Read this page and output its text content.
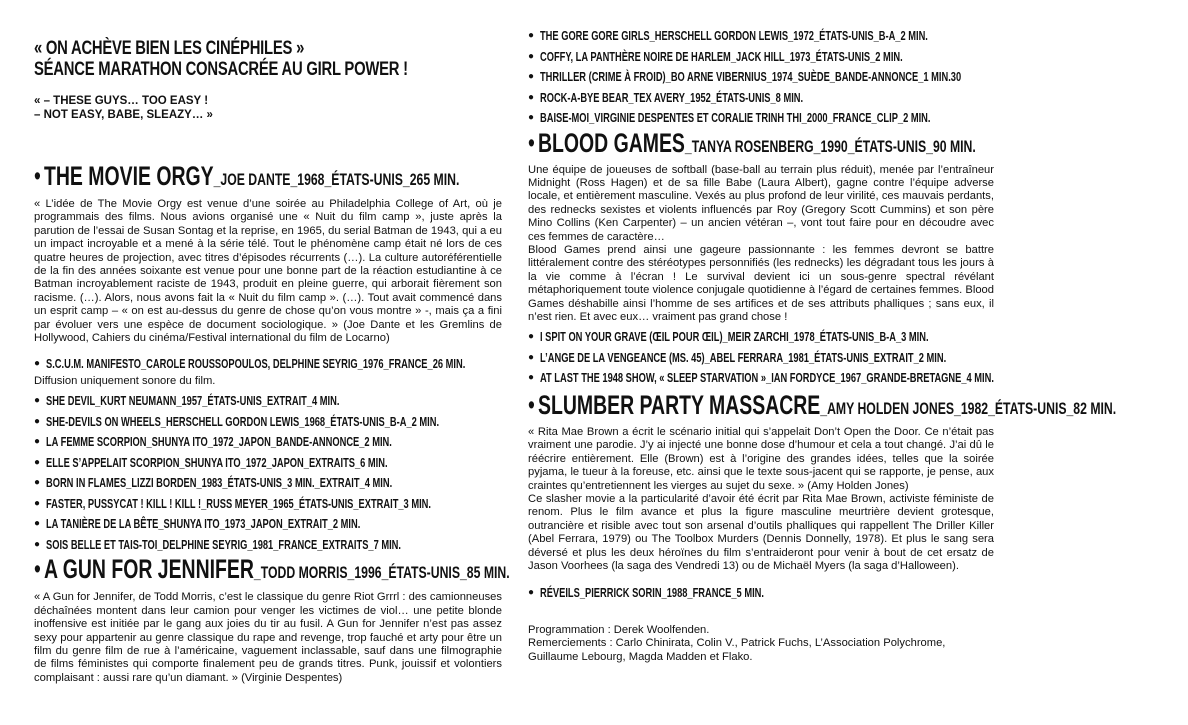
« ON ACHÈVE BIEN LES CINÉPHILES »
SÉANCE MARATHON CONSACRÉE AU GIRL POWER !
« – THESE GUYS… TOO EASY !
– NOT EASY, BABE, SLEAZY… »
• THE MOVIE ORGY_JOE DANTE_1968_ÉTATS-UNIS_265 MIN.

« L’idée de The Movie Orgy est venue d’une soirée au Philadelphia College of Art, où je programmais des films. Nous avions organisé une « Nuit du film camp », juste après la parution de l’essai de Susan Sontag et la reprise, en 1965, du serial Batman de 1943, qui a eu un impact incroyable et a mené à la série télé. Tout le phénomène camp était né lors de ces quatre heures de projection, avec titres d’épisodes récurrents (…). La culture autoréférentielle de la fin des années soixante est venue pour une bonne part de la réaction estudiantine à ce Batman incroyablement raciste de 1943, produit en pleine guerre, qui arborait fièrement son racisme. (…). Alors, nous avons fait la « Nuit du film camp ». (…). Tout avait commencé dans un esprit camp – « on est au-dessus du genre de chose qu’on vous montre » -, mais ça a fini par évoluer vers une espèce de document sociologique. » (Joe Dante et les Gremlins de Hollywood, Cahiers du cinéma/Festival international du film de Locarno)

● S.C.U.M. MANIFESTO_CAROLE ROUSSOPOULOS, DELPHINE SEYRIG_1976_FRANCE_26 MIN.

Diffusion uniquement sonore du film.

● SHE DEVIL_KURT NEUMANN_1957_ÉTATS-UNIS_EXTRAIT_4 MIN.
● SHE-DEVILS ON WHEELS_HERSCHELL GORDON LEWIS_1968_ÉTATS-UNIS_B-A_2 MIN.
● LA FEMME SCORPION_SHUNYA ITO_1972_JAPON_BANDE-ANNONCE_2 MIN.
● ELLE S’APPELAIT SCORPION_SHUNYA ITO_1972_JAPON_EXTRAITS_6 MIN.
● BORN IN FLAMES_LIZZI BORDEN_1983_ÉTATS-UNIS_3 MIN._EXTRAIT_4 MIN.
● FASTER, PUSSYCAT ! KILL ! KILL !_RUSS MEYER_1965_ÉTATS-UNIS_EXTRAIT_3 MIN.
● LA TANIÈRE DE LA BÊTE_SHUNYA ITO_1973_JAPON_EXTRAIT_2 MIN.
● SOIS BELLE ET TAIS-TOI_DELPHINE SEYRIG_1981_FRANCE_EXTRAITS_7 MIN.
• A GUN FOR JENNIFER_TODD MORRIS_1996_ÉTATS-UNIS_85 MIN.

« A Gun for Jennifer, de Todd Morris, c’est le classique du genre Riot Grrrl : des camionneuses déchaînées montent dans leur camion pour venger les victimes de viol… une petite blonde inoffensive est initiée par le gang aux joies du tir au fusil. A Gun for Jennifer n’est pas assez sexy pour appartenir au genre classique du rape and revenge, trop fauché et arty pour être un film du genre film de rue à l’américaine, vaguement inclassable, sauf dans une filmographie de films féministes qui comporte finalement peu de grands titres. Punk, jouissif et volontiers complaisant : aussi rare qu’un diamant. » (Virginie Despentes)

● THE GORE GORE GIRLS_HERSCHELL GORDON LEWIS_1972_ÉTATS-UNIS_B-A_2 MIN.
● COFFY, LA PANTHÈRE NOIRE DE HARLEM_JACK HILL_1973_ÉTATS-UNIS_2 MIN.
● THRILLER (CRIME À FROID)_BO ARNE VIBERNIUS_1974_SUÈDE_BANDE-ANNONCE_1 MIN.30
● ROCK-A-BYE BEAR_TEX AVERY_1952_ÉTATS-UNIS_8 MIN.
● BAISE-MOI_VIRGINIE DESPENTES ET CORALIE TRINH THI_2000_FRANCE_CLIP_2 MIN.
• BLOOD GAMES_TANYA ROSENBERG_1990_ÉTATS-UNIS_90 MIN.

Une équipe de joueuses de softball (base-ball au terrain plus réduit), menée par l’entraîneur Midnight (Ross Hagen) et de sa fille Babe (Laura Albert), gagne contre l’équipe adverse locale, et entièrement masculine. Vexés au plus profond de leur virilité, ces mauvais perdants, des rednecks sexistes et violents influencés par Roy (Gregory Scott Cummins) et son père Mino Collins (Ken Carpenter) – un ancien vétéran –, vont tout faire pour en découdre avec ces femmes de caractère…

Blood Games prend ainsi une gageure passionnante : les femmes devront se battre littéralement contre des stéréotypes personnifiés (les rednecks) les dégradant tous les jours à la vie comme à l’écran ! Le survival devient ici un sous-genre spectral révélant métaphoriquement toute violence conjugale quotidienne à l’égard de certaines femmes. Blood Games déshabille ainsi l’homme de ses artifices et de ses attributs phalliques ; sans eux, il n’est rien. Et avec eux… vraiment pas grand chose !

● I SPIT ON YOUR GRAVE (ŒIL POUR ŒIL)_MEIR ZARCHI_1978_ÉTATS-UNIS_B-A_3 MIN.
● L’ANGE DE LA VENGEANCE (MS. 45)_ABEL FERRARA_1981_ÉTATS-UNIS_EXTRAIT_2 MIN.
● AT LAST THE 1948 SHOW, « SLEEP STARVATION »_IAN FORDYCE_1967_GRANDE-BRETAGNE_4 MIN.
• SLUMBER PARTY MASSACRE_AMY HOLDEN JONES_1982_ÉTATS-UNIS_82 MIN.

« Rita Mae Brown a écrit le scénario initial qui s’appelait Don’t Open the Door. Ce n’était pas vraiment une parodie. J’y ai injecté une bonne dose d’humour et cela a tout changé. J’ai dû le réécrire entièrement. Elle (Brown) est à l’origine des grandes idées, telles que la soirée pyjama, le tueur à la foreuse, etc. ainsi que le texte sous-jacent qui se rapporte, je pense, aux craintes qu’entretiennent les vierges au sujet du sexe. » (Amy Holden Jones)

Ce slasher movie a la particularité d’avoir été écrit par Rita Mae Brown, activiste féministe de renom. Plus le film avance et plus la figure masculine meurtrière devient grotesque, outrancière et risible avec tout son arsenal d’outils phalliques qui rappellent The Driller Killer (Abel Ferrara, 1979) ou The Toolbox Murders (Dennis Donnelly, 1978). Et plus le sang sera déversé et plus les deux héroïnes du film s’entraideront pour venir à bout de cet ersatz de Jason Voorhees (la saga des Vendredi 13) ou de Michaël Myers (la saga d’Halloween).

● RÉVEILS_PIERRICK SORIN_1988_FRANCE_5 MIN.

Programmation : Derek Woolfenden.

Remerciements : Carlo Chinirata, Colin V., Patrick Fuchs, L’Association Polychrome, Guillaume Lebourg, Magda Madden et Flako.
